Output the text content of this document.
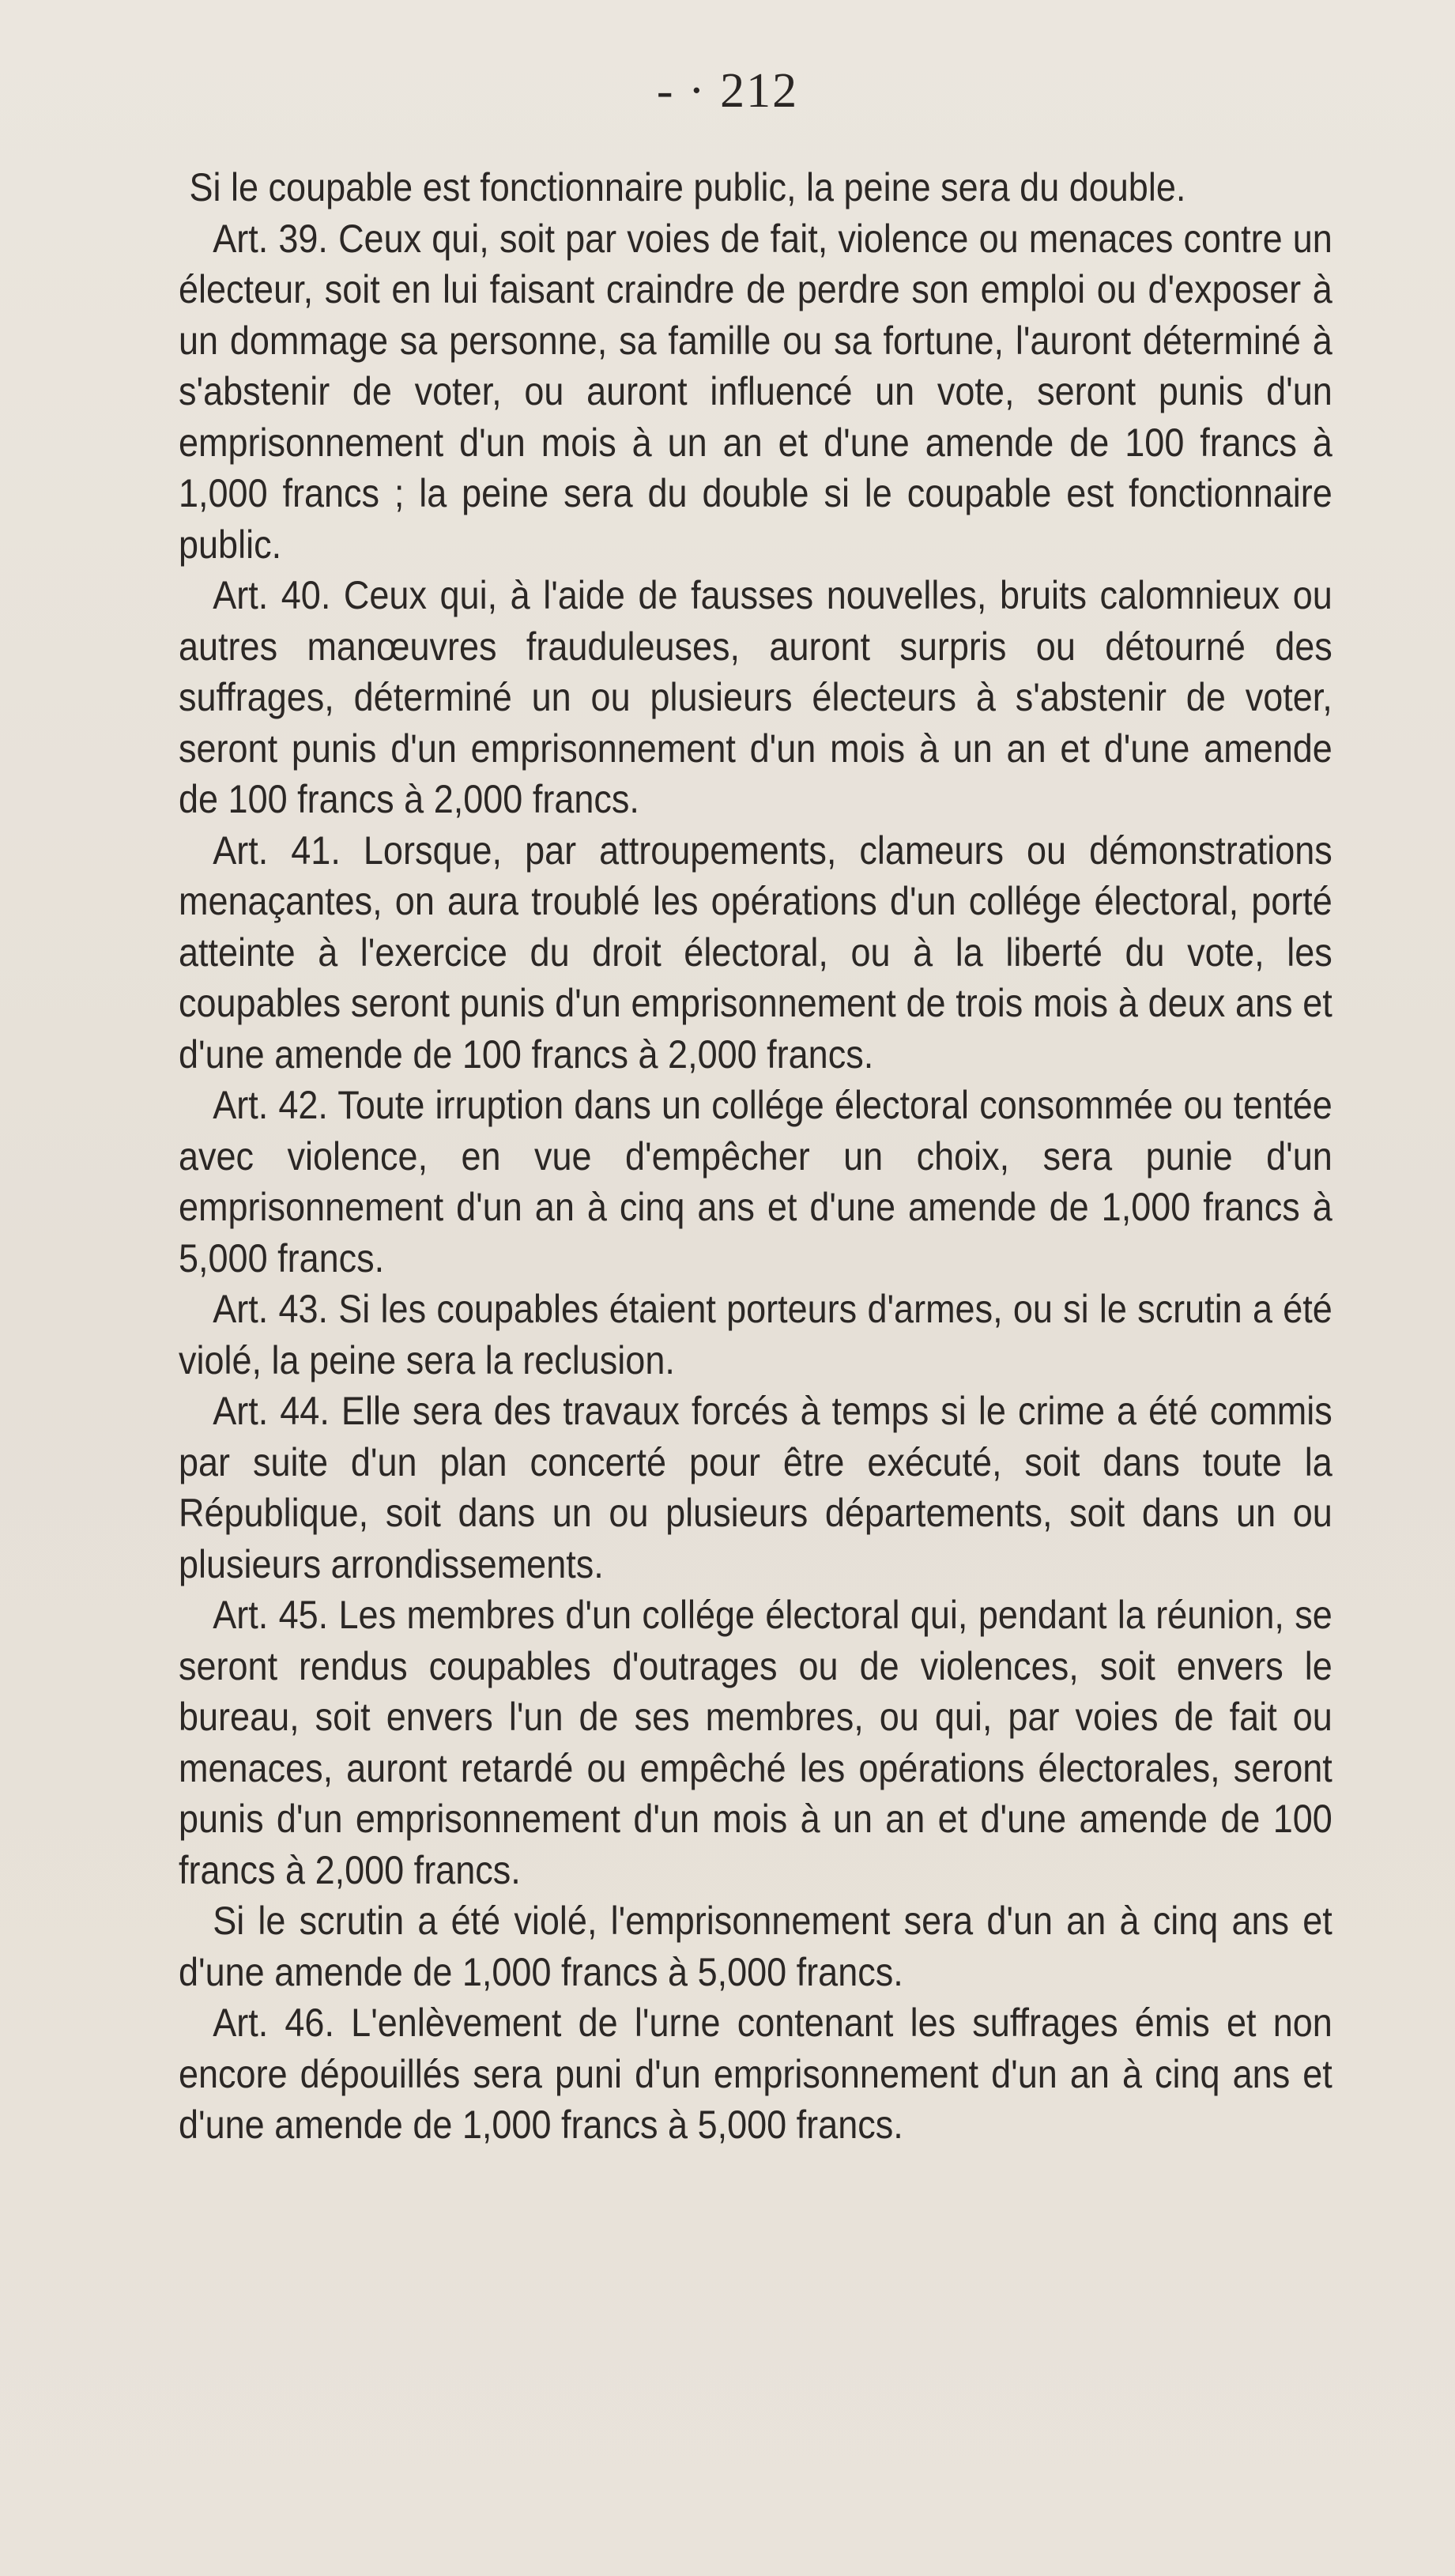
- · 212

Si le coupable est fonctionnaire public, la peine sera du double.

Art. 39. Ceux qui, soit par voies de fait, violence ou menaces contre un électeur, soit en lui faisant craindre de perdre son emploi ou d'exposer à un dommage sa personne, sa famille ou sa fortune, l'auront déterminé à s'abstenir de voter, ou auront influencé un vote, seront punis d'un emprisonnement d'un mois à un an et d'une amende de 100 francs à 1,000 francs ; la peine sera du double si le coupable est fonctionnaire public.

Art. 40. Ceux qui, à l'aide de fausses nouvelles, bruits calomnieux ou autres manœuvres frauduleuses, auront surpris ou détourné des suffrages, déterminé un ou plusieurs électeurs à s'abstenir de voter, seront punis d'un emprisonnement d'un mois à un an et d'une amende de 100 francs à 2,000 francs.

Art. 41. Lorsque, par attroupements, clameurs ou démonstrations menaçantes, on aura troublé les opérations d'un collége électoral, porté atteinte à l'exercice du droit électoral, ou à la liberté du vote, les coupables seront punis d'un emprisonnement de trois mois à deux ans et d'une amende de 100 francs à 2,000 francs.

Art. 42. Toute irruption dans un collége électoral consommée ou tentée avec violence, en vue d'empêcher un choix, sera punie d'un emprisonnement d'un an à cinq ans et d'une amende de 1,000 francs à 5,000 francs.

Art. 43. Si les coupables étaient porteurs d'armes, ou si le scrutin a été violé, la peine sera la reclusion.

Art. 44. Elle sera des travaux forcés à temps si le crime a été commis par suite d'un plan concerté pour être exécuté, soit dans toute la République, soit dans un ou plusieurs départements, soit dans un ou plusieurs arrondissements.

Art. 45. Les membres d'un collége électoral qui, pendant la réunion, se seront rendus coupables d'outrages ou de violences, soit envers le bureau, soit envers l'un de ses membres, ou qui, par voies de fait ou menaces, auront retardé ou empêché les opérations électorales, seront punis d'un emprisonnement d'un mois à un an et d'une amende de 100 francs à 2,000 francs.

Si le scrutin a été violé, l'emprisonnement sera d'un an à cinq ans et d'une amende de 1,000 francs à 5,000 francs.

Art. 46. L'enlèvement de l'urne contenant les suffrages émis et non encore dépouillés sera puni d'un emprisonnement d'un an à cinq ans et d'une amende de 1,000 francs à 5,000 francs.
